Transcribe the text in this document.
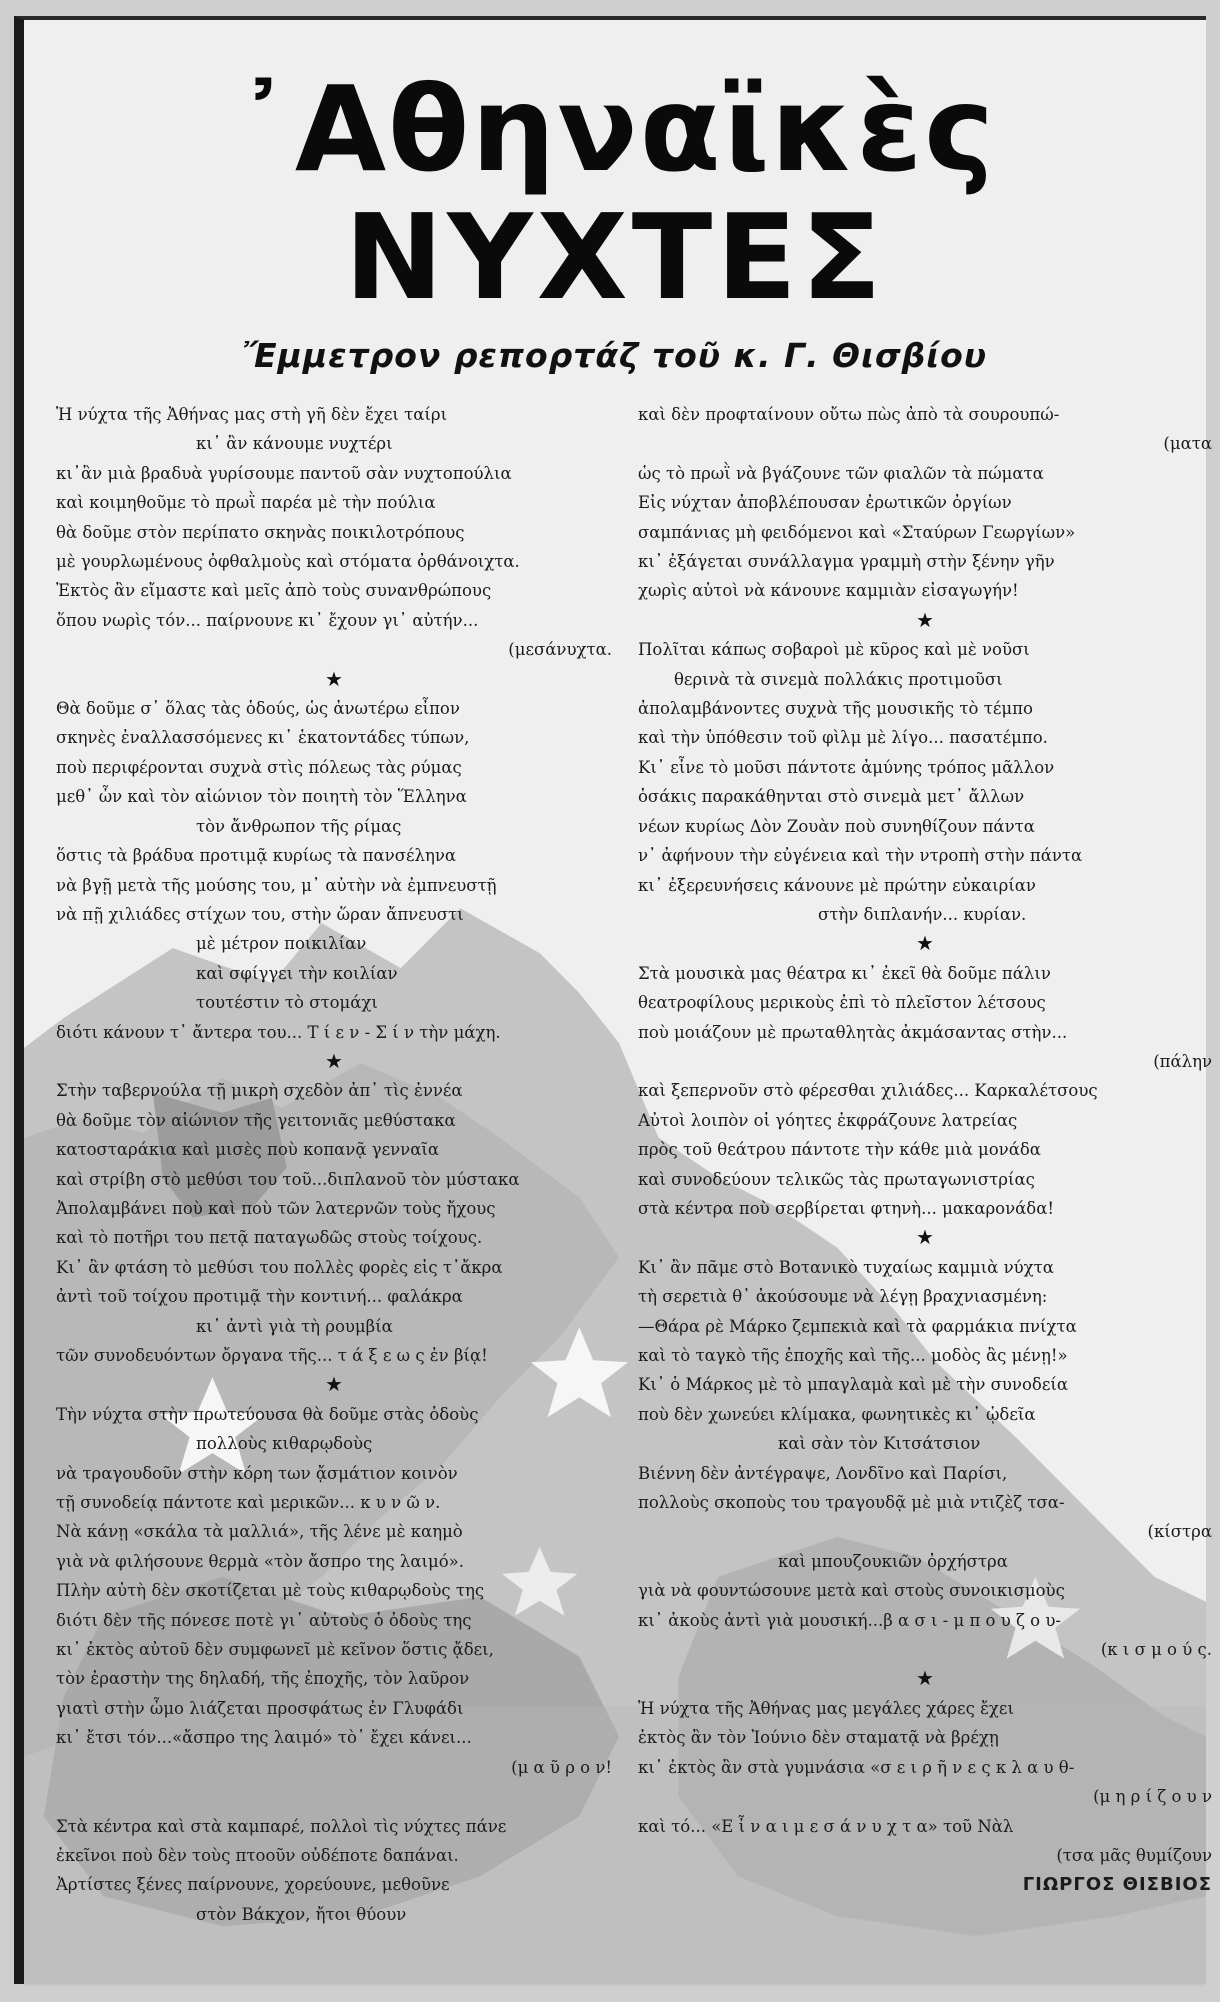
᾽Αθηναϊκὲς
ΝΥΧΤΕΣ
Ἔμμετρον ρεπορτάζ τοῦ κ. Γ. Θισβίου
Ἡ νύχτα τῆς Ἀθήνας μας στὴ γῆ δὲν ἔχει ταίρι
κι᾽ ἂν κάνουμε νυχτέρι
κι᾽ἂν μιὰ βραδυὰ γυρίσουμε παντοῦ σὰν νυχτοπούλια
καὶ κοιμηθοῦμε τὸ πρωῒ παρέα μὲ τὴν πούλια
θὰ δοῦμε στὸν περίπατο σκηνὰς ποικιλοτρόπους
μὲ γουρλωμένους ὀφθαλμοὺς καὶ στόματα ὀρθάνοιχτα.
Ἐκτὸς ἂν εἴμαστε καὶ μεῖς ἀπὸ τοὺς συνανθρώπους
ὅπου νωρὶς τόν... παίρνουνε κι᾽ ἔχουν γι᾽ αὐτήν...
(μεσάνυχτα.
★
Θὰ δοῦμε σ᾽ ὅλας τὰς ὁδούς, ὡς ἀνωτέρω εἶπον
σκηνὲς ἐναλλασσόμενες κι᾽ ἑκατοντάδες τύπων,
ποὺ περιφέρονται συχνὰ στὶς πόλεως τὰς ρύμας
μεθ᾽ ὧν καὶ τὸν αἰώνιον τὸν ποιητὴ τὸν Ἕλληνα
τὸν ἄνθρωπον τῆς ρίμας
ὅστις τὰ βράδυα προτιμᾷ κυρίως τὰ πανσέληνα
νὰ βγῇ μετὰ τῆς μούσης του, μ᾽ αὐτὴν νὰ ἐμπνευστῇ
νὰ πῇ χιλιάδες στίχων του, στὴν ὥραν ἄπνευστι
μὲ μέτρον ποικιλίαν
καὶ σφίγγει τὴν κοιλίαν
τουτέστιν τὸ στομάχι
διότι κάνουν τ᾽ ἄντερα του... Τ ί ε ν - Σ ί ν τὴν μάχη.
★
Στὴν ταβερνούλα τῇ μικρὴ σχεδὸν ἀπ᾽ τὶς ἐννέα
θὰ δοῦμε τὸν αἰώνιον τῆς γειτονιᾶς μεθύστακα
κατοσταράκια καὶ μισὲς ποὺ κοπανᾷ γενναῖα
καὶ στρίβη στὸ μεθύσι του τοῦ...διπλανοῦ τὸν μύστακα
Ἀπολαμβάνει ποὺ καὶ ποὺ τῶν λατερνῶν τοὺς ἤχους
καὶ τὸ ποτῆρι του πετᾷ παταγωδῶς στοὺς τοίχους.
Κι᾽ ἂν φτάση τὸ μεθύσι του πολλὲς φορὲς εἰς τ᾽ἄκρα
ἀντὶ τοῦ τοίχου προτιμᾷ τὴν κοντινή... φαλάκρα
κι᾽ ἀντὶ γιὰ τὴ ρουμβία
τῶν συνοδευόντων ὄργανα τῆς... τ ά ξ ε ω ς ἐν βίᾳ!
★
Τὴν νύχτα στὴν πρωτεύουσα θὰ δοῦμε στὰς ὁδοὺς
πολλοὺς κιθαρῳδοὺς
νὰ τραγουδοῦν στὴν κόρη των ᾄσμάτιον κοινὸν
τῇ συνοδείᾳ πάντοτε καὶ μερικῶν... κ υ ν ῶ ν.
Νὰ κάνῃ «σκάλα τὰ μαλλιά», τῆς λένε μὲ καημὸ
γιὰ νὰ φιλήσουνε θερμὰ «τὸν ἄσπρο της λαιμό».
Πλὴν αὐτὴ δὲν σκοτίζεται μὲ τοὺς κιθαρῳδοὺς της
διότι δὲν τῆς πόνεσε ποτὲ γι᾽ αὐτοὺς ὁ ὀδοὺς της
κι᾽ ἐκτὸς αὐτοῦ δὲν συμφωνεῖ μὲ κεῖνον ὅστις ᾄδει,
τὸν ἐραστὴν της δηλαδή, τῆς ἐποχῆς, τὸν λαῦρον
γιατὶ στὴν ὦμο λιάζεται προσφάτως ἐν Γλυφάδι
κι᾽ ἔτσι τόν...«ἄσπρο της λαιμό» τὸ᾽ ἔχει κάνει...
(μ α ῦ ρ ο ν!
Στὰ κέντρα καὶ στὰ καμπαρέ, πολλοὶ τὶς νύχτες πάνε
ἐκεῖνοι ποὺ δὲν τοὺς πτοοῦν οὐδέποτε δαπάναι.
Ἀρτίστες ξένες παίρνουνε, χορεύουνε, μεθοῦνε
στὸν Βάκχον, ἤτοι θύουν
καὶ δὲν προφταίνουν οὔτω πὼς ἀπὸ τὰ σουρουπώ-
(ματα
ὡς τὸ πρωῒ νὰ βγάζουνε τῶν φιαλῶν τὰ πώματα
Εἰς νύχταν ἀποβλέπουσαν ἐρωτικῶν ὀργίων
σαμπάνιας μὴ φειδόμενοι καὶ «Σταύρων Γεωργίων»
κι᾽ ἐξάγεται συνάλλαγμα γραμμὴ στὴν ξένην γῆν
χωρὶς αὐτοὶ νὰ κάνουνε καμμιὰν εἰσαγωγήν!
★
Πολῖται κάπως σοβαροὶ μὲ κῦρος καὶ μὲ νοῦσι
θερινὰ τὰ σινεμὰ πολλάκις προτιμοῦσι
ἀπολαμβάνοντες συχνὰ τῆς μουσικῆς τὸ τέμπο
καὶ τὴν ὑπόθεσιν τοῦ φὶλμ μὲ λίγο... πασατέμπο.
Κι᾽ εἶνε τὸ μοῦσι πάντοτε ἀμύνης τρόπος μᾶλλον
ὁσάκις παρακάθηνται στὸ σινεμὰ μετ᾽ ἄλλων
νέων κυρίως Δὸν Ζουὰν ποὺ συνηθίζουν πάντα
ν᾽ ἀφήνουν τὴν εὐγένεια καὶ τὴν ντροπὴ στὴν πάντα
κι᾽ ἐξερευνήσεις κάνουνε μὲ πρώτην εὐκαιρίαν
στὴν διπλανήν... κυρίαν.
★
Στὰ μουσικὰ μας θέατρα κι᾽ ἐκεῖ θὰ δοῦμε πάλιν
θεατροφίλους μερικοὺς ἐπὶ τὸ πλεῖστον λέτσους
ποὺ μοιάζουν μὲ πρωταθλητὰς ἀκμάσαντας στὴν...
(πάλην
καὶ ξεπερνοῦν στὸ φέρεσθαι χιλιάδες... Καρκαλέτσους
Αὐτοὶ λοιπὸν οἱ γόητες ἐκφράζουνε λατρείας
πρὸς τοῦ θεάτρου πάντοτε τὴν κάθε μιὰ μονάδα
καὶ συνοδεύουν τελικῶς τὰς πρωταγωνιστρίας
στὰ κέντρα ποὺ σερβίρεται φτηνὴ... μακαρονάδα!
★
Κι᾽ ἂν πᾶμε στὸ Βοτανικὸ τυχαίως καμμιὰ νύχτα
τὴ σερετιὰ θ᾽ ἀκούσουμε νὰ λέγῃ βραχνιασμένη:
—Θάρα ρὲ Μάρκο ζεμπεκιὰ καὶ τὰ φαρμάκια πνίχτα
καὶ τὸ ταγκὸ τῆς ἐποχῆς καὶ τῆς... μοδὸς ἂς μένῃ!»
Κι᾽ ὁ Μάρκος μὲ τὸ μπαγλαμὰ καὶ μὲ τὴν συνοδεία
ποὺ δὲν χωνεύει κλίμακα, φωνητικὲς κι᾽ ᾠδεῖα
καὶ σὰν τὸν Κιτσάτσιον
Βιέννη δὲν ἀντέγραψε, Λονδῖνο καὶ Παρίσι,
πολλοὺς σκοποὺς του τραγουδᾷ μὲ μιὰ ντιζὲζ τσα-
(κίστρα
καὶ μπουζουκιῶν ὀρχήστρα
γιὰ νὰ φουντώσουνε μετὰ καὶ στοὺς συνοικισμοὺς
κι᾽ ἀκοὺς ἀντὶ γιὰ μουσική...β α σ ι - μ π ο υ ζ ο υ-
(κ ι σ μ ο ύ ς.
★
Ἡ νύχτα τῆς Ἀθήνας μας μεγάλες χάρες ἔχει
ἐκτὸς ἂν τὸν Ἰούνιο δὲν σταματᾷ νὰ βρέχῃ
κι᾽ ἐκτὸς ἂν στὰ γυμνάσια «σ ε ι ρ ῆ ν ε ς κ λ α υ θ-
(μ η ρ ί ζ ο υ ν
καὶ τό... «Ε ἶ ν α ι μ ε σ ά ν υ χ τ α» τοῦ Νὰλ
(τσα μᾶς θυμίζουν
ΓΙΩΡΓΟΣ ΘΙΣΒΙΟΣ
